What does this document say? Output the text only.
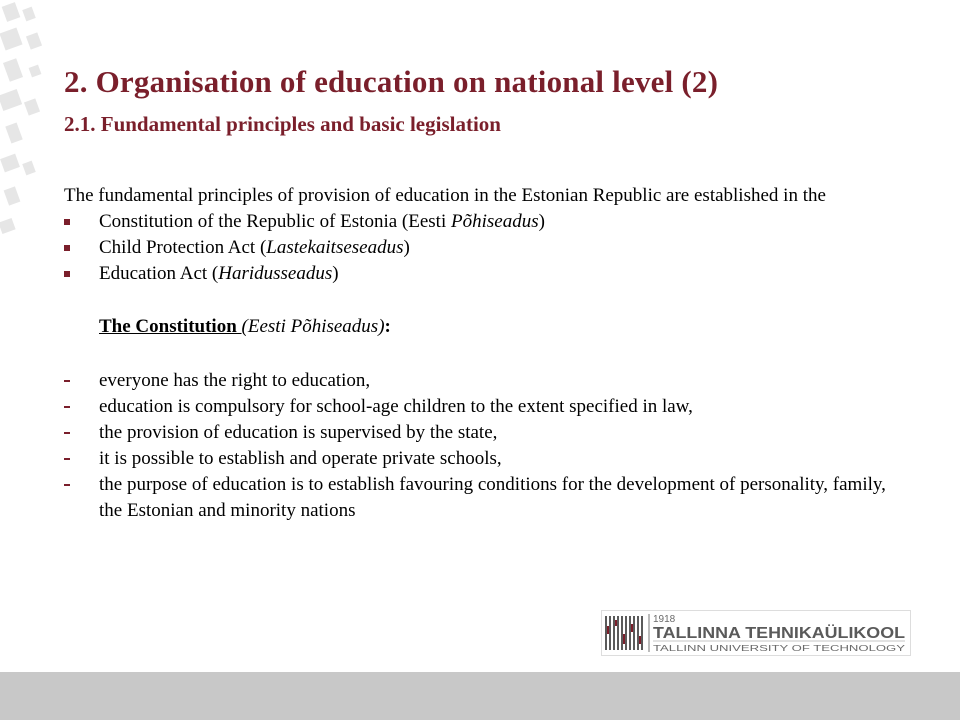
2. Organisation of education on national level (2)
2.1. Fundamental principles and basic legislation

The fundamental principles of provision of education in the Estonian Republic are established in the

Constitution of the Republic of Estonia (Eesti Põhiseadus)
Child Protection Act (Lastekaitseseadus)
Education Act (Haridusseadus)

The Constitution (Eesti Põhiseadus):

everyone has the right to education,
education is compulsory for school-age children to the extent specified in law,
the provision of education is supervised by the state,
it is possible to establish and operate private schools,
the purpose of education is to establish favouring conditions for the development of personality, family, the Estonian and minority nations
1918
TALLINNA TEHNIKAÜLIKOOL
TALLINN UNIVERSITY OF TECHNOLOGY
